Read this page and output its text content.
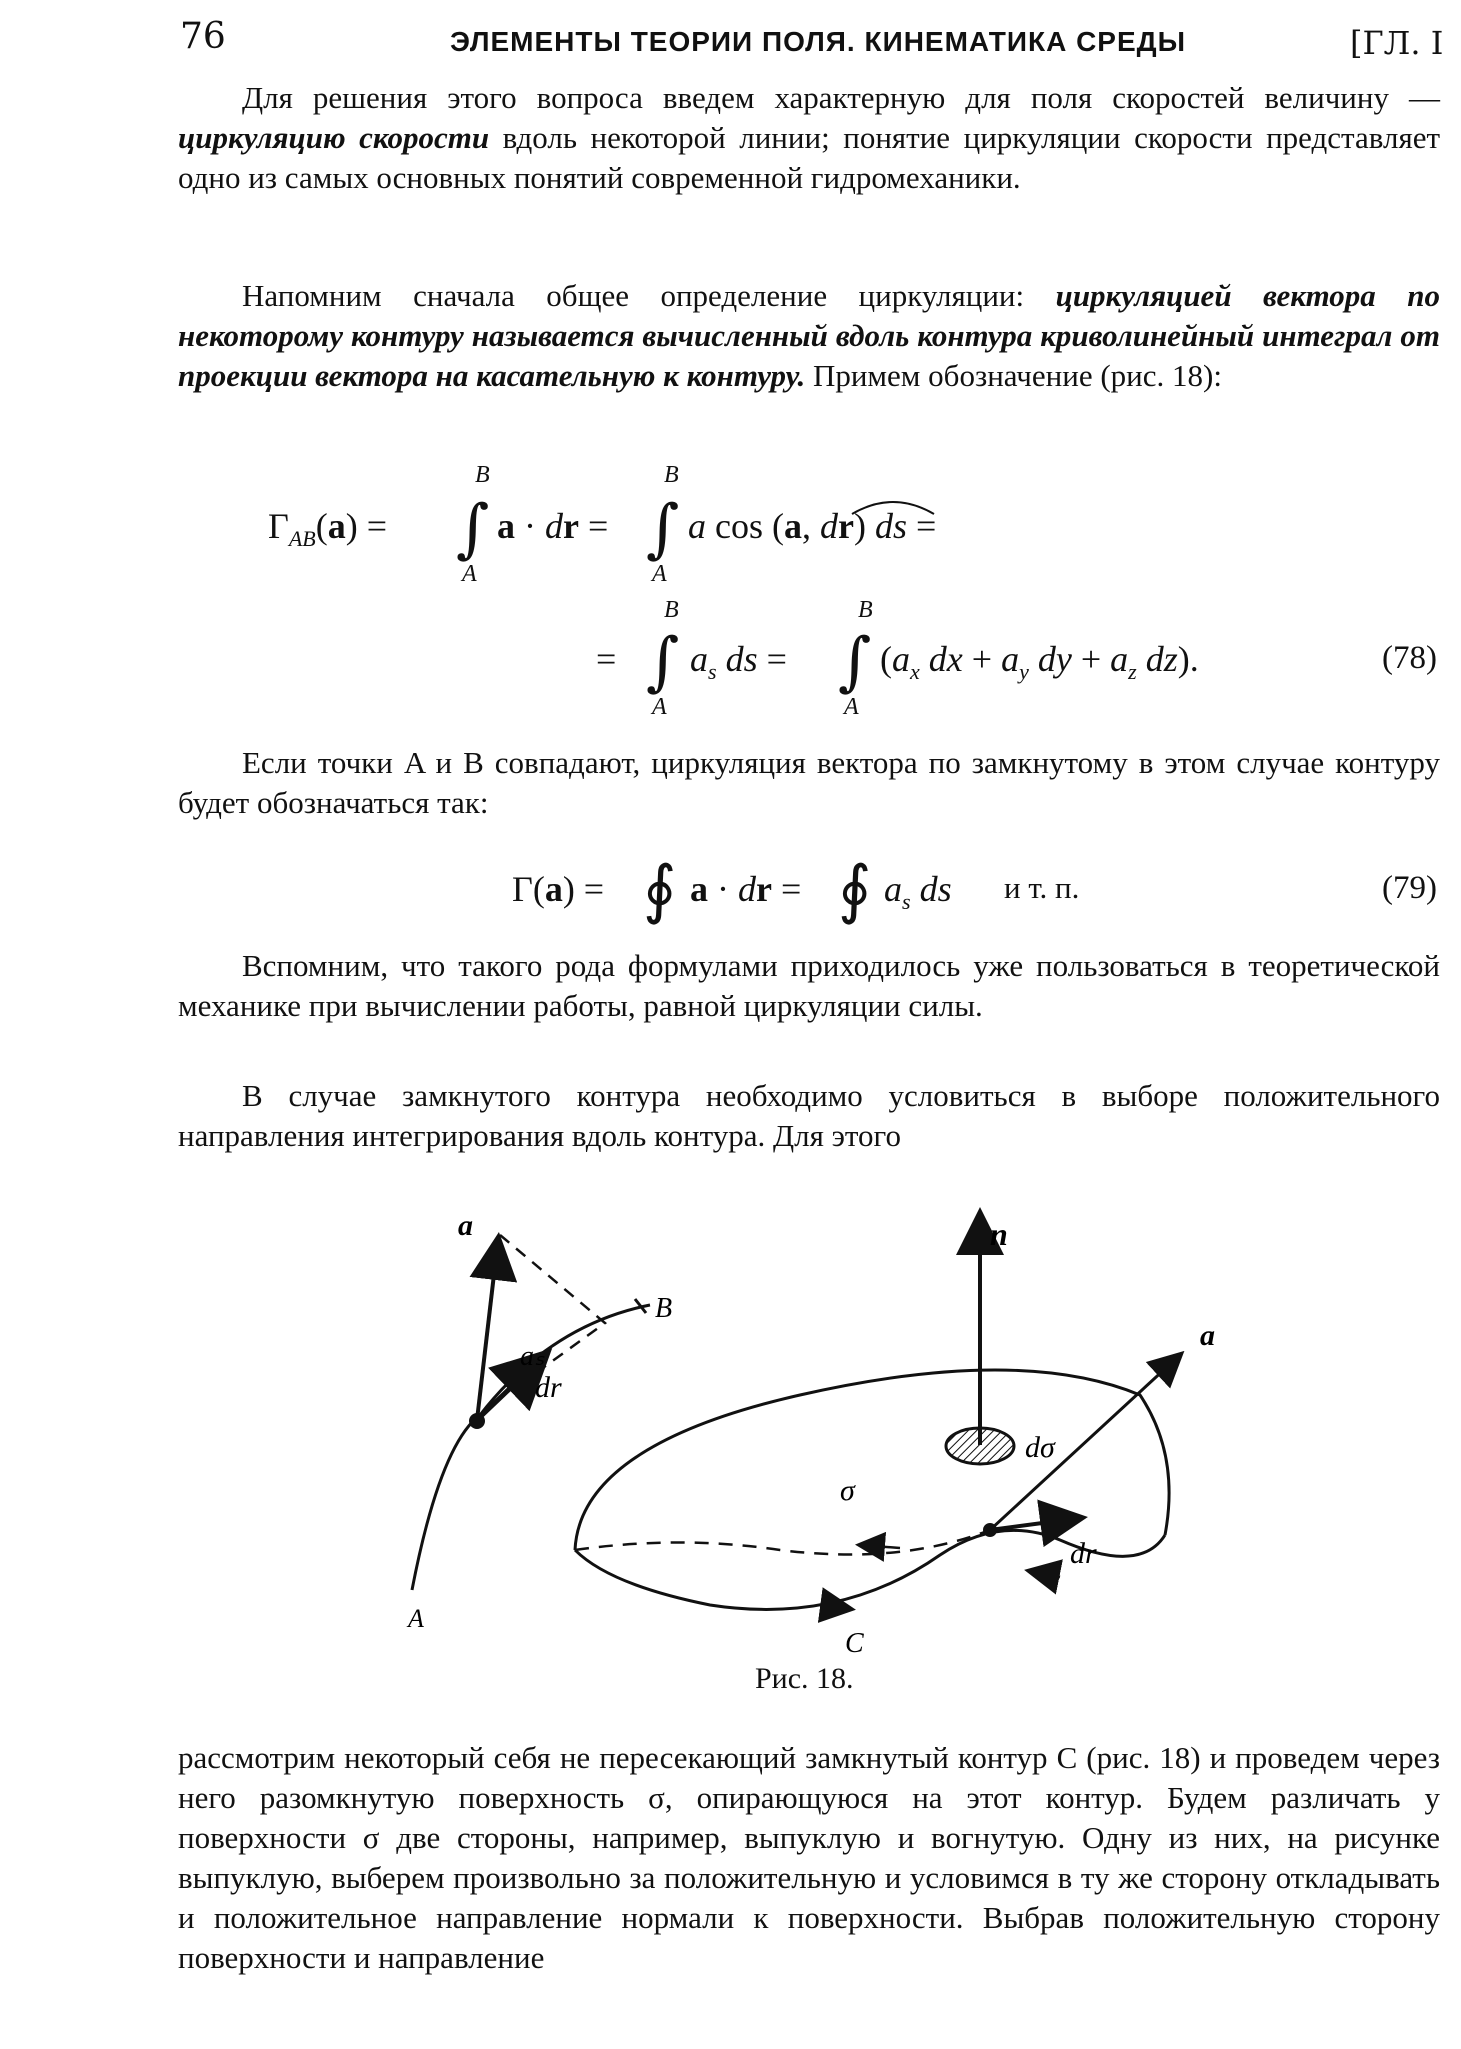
76	ЭЛЕМЕНТЫ ТЕОРИИ ПОЛЯ. КИНЕМАТИКА СРЕДЫ	[ГЛ. I
Для решения этого вопроса введем характерную для поля скоростей величину — циркуляцию скорости вдоль некоторой линии; понятие циркуляции скорости представляет одно из самых основных понятий современной гидромеханики.
Напомним сначала общее определение циркуляции: циркуляцией вектора по некоторому контуру называется вычисленный вдоль контура криволинейный интеграл от проекции вектора на касательную к контуру. Примем обозначение (рис. 18):
$\Gamma_{AB}(a)$ =
B
∫
A
a · dr =
B
∫
A
a cos (a, dr) ds =
=
B
∫
A
$a_s$ ds =
B
∫
A
($a_x$ dx + $a_y$ dy + $a_z$ dz).	(78)
Если точки A и B совпадают, циркуляция вектора по замкнутому в этом случае контуру будет обозначаться так:
Γ(a) = ∮ a · dr = ∮ $a_s$ ds и т. п.	(79)
Вспомним, что такого рода формулами приходилось уже пользоваться в теоретической механике при вычислении работы, равной циркуляции силы.
В случае замкнутого контура необходимо условиться в выборе положительного направления интегрирования вдоль контура. Для этого
a
aₛ
dr
B
A
n
dσ
a
dr
σ
C
Рис. 18.
рассмотрим некоторый себя не пересекающий замкнутый контур C (рис. 18) и проведем через него разомкнутую поверхность σ, опирающуюся на этот контур. Будем различать у поверхности σ две стороны, например, выпуклую и вогнутую. Одну из них, на рисунке выпуклую, выберем произвольно за положительную и условимся в ту же сторону откладывать и положительное направление нормали к поверхности. Выбрав положительную сторону поверхности и направление
